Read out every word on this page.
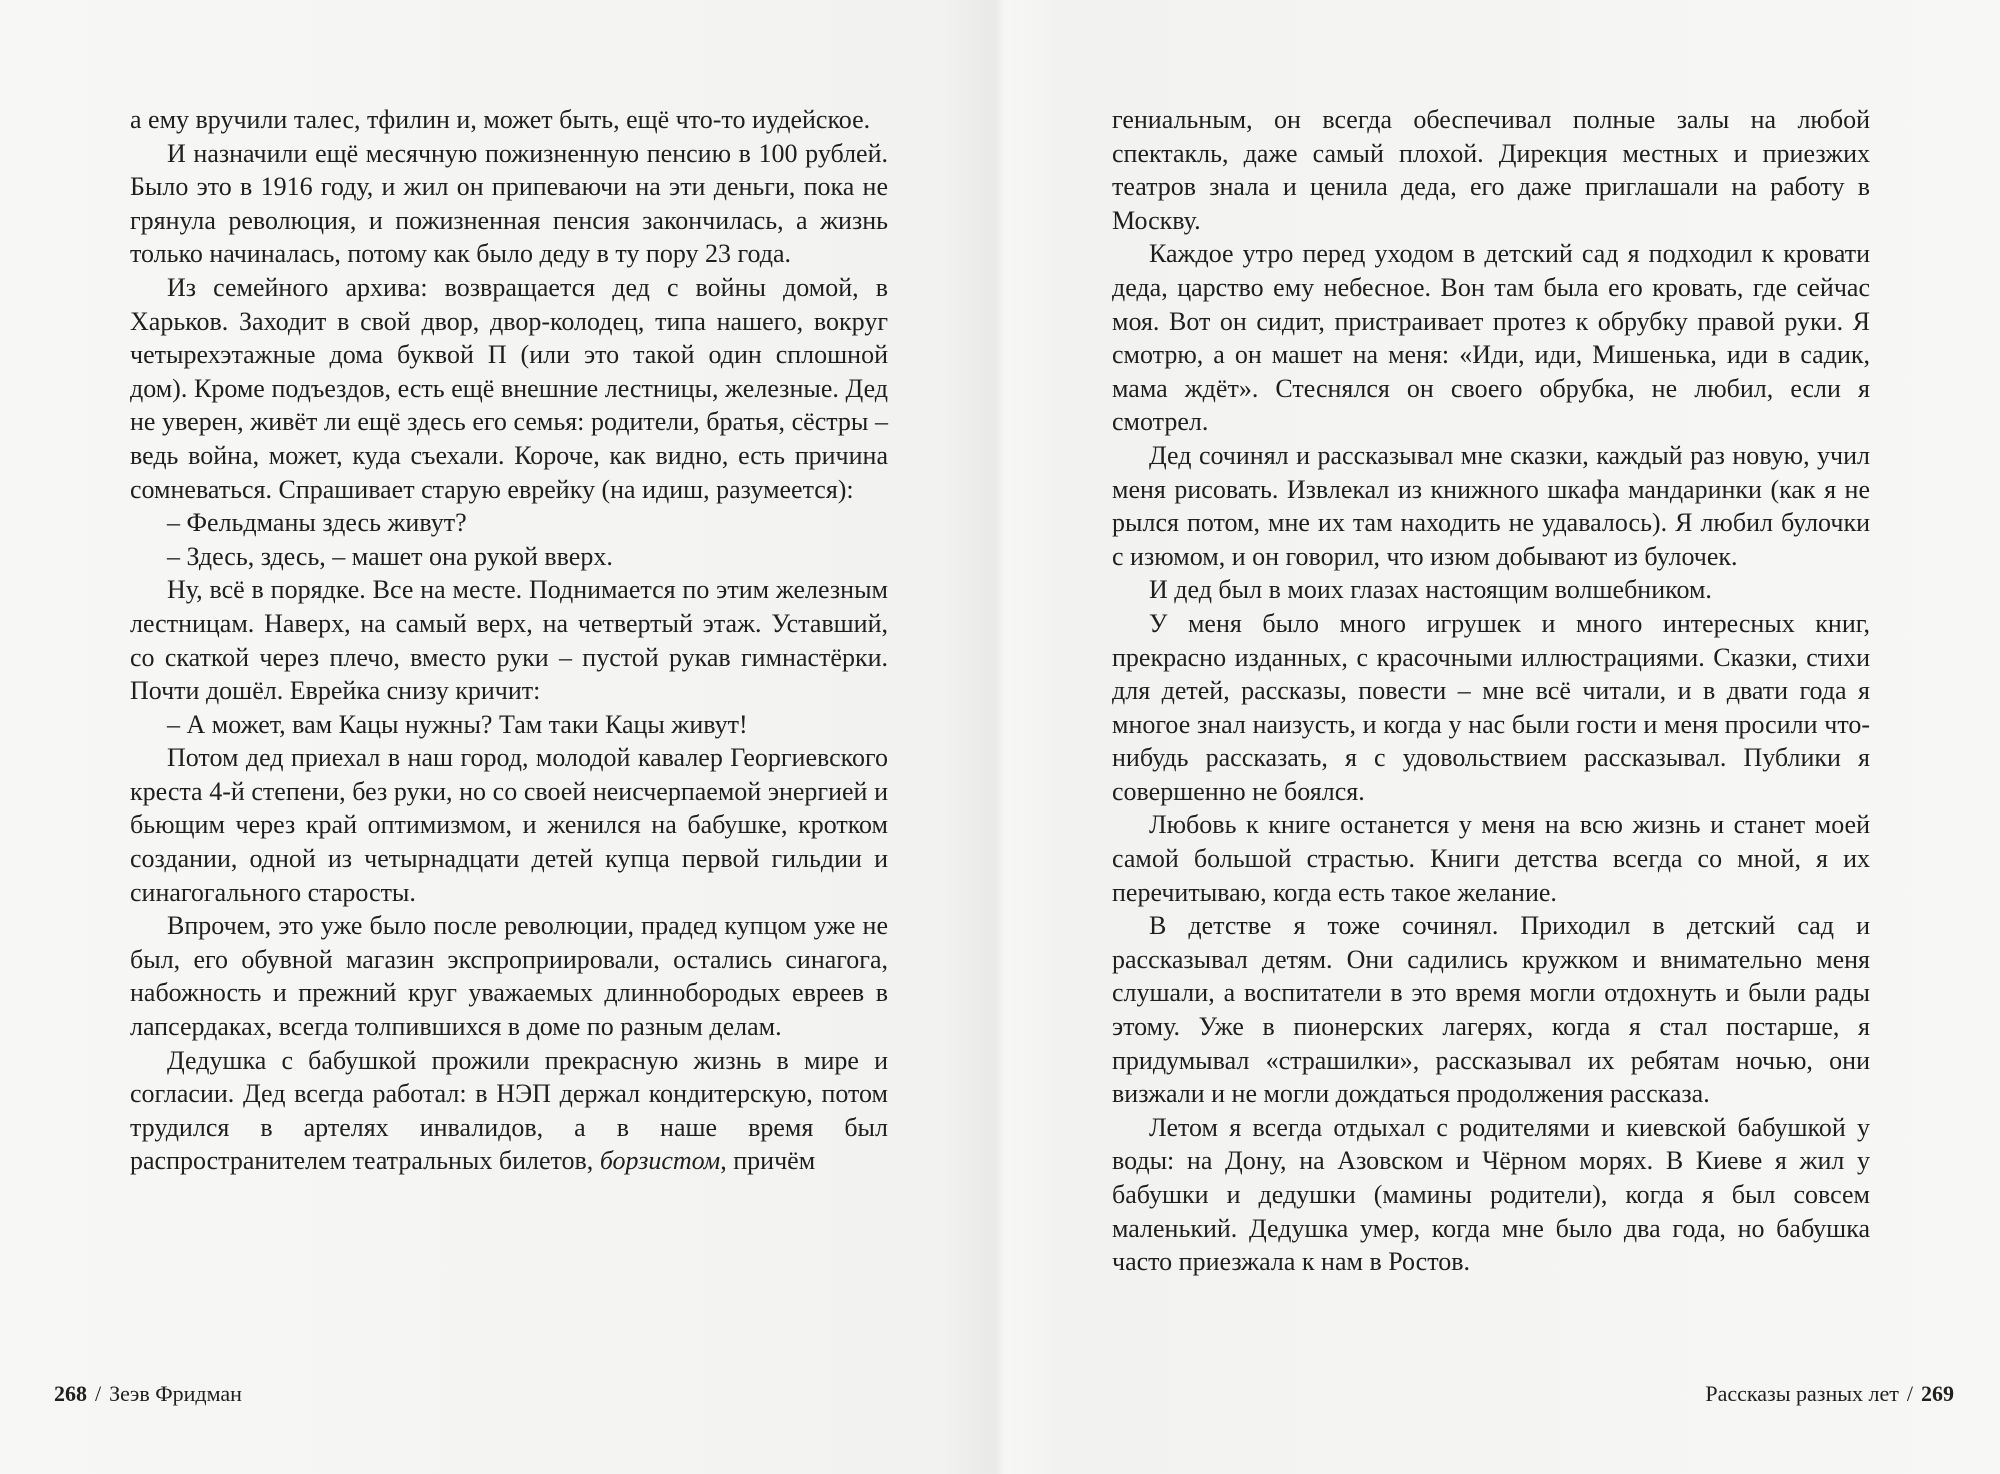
а ему вручили талес, тфилин и, может быть, ещё что-то иудейское.

И назначили ещё месячную пожизненную пенсию в 100 рублей. Было это в 1916 году, и жил он припеваючи на эти деньги, пока не грянула революция, и пожизненная пенсия закончилась, а жизнь только начиналась, потому как было деду в ту пору 23 года.

Из семейного архива: возвращается дед с войны домой, в Харьков. Заходит в свой двор, двор-колодец, типа нашего, вокруг четырехэтажные дома буквой П (или это такой один сплошной дом). Кроме подъездов, есть ещё внешние лестницы, железные. Дед не уверен, живёт ли ещё здесь его семья: родители, братья, сёстры – ведь война, может, куда съехали. Короче, как видно, есть причина сомневаться. Спрашивает старую еврейку (на идиш, разумеется):

– Фельдманы здесь живут?

– Здесь, здесь, – машет она рукой вверх.

Ну, всё в порядке. Все на месте. Поднимается по этим железным лестницам. Наверх, на самый верх, на четвертый этаж. Уставший, со скаткой через плечо, вместо руки – пустой рукав гимнастёрки. Почти дошёл. Еврейка снизу кричит:

– А может, вам Кацы нужны? Там таки Кацы живут!

Потом дед приехал в наш город, молодой кавалер Георгиевского креста 4-й степени, без руки, но со своей неисчерпаемой энергией и бьющим через край оптимизмом, и женился на бабушке, кротком создании, одной из четырнадцати детей купца первой гильдии и синагогального старосты.

Впрочем, это уже было после революции, прадед купцом уже не был, его обувной магазин экспроприировали, остались синагога, набожность и прежний круг уважаемых длиннобородых евреев в лапсердаках, всегда толпившихся в доме по разным делам.

Дедушка с бабушкой прожили прекрасную жизнь в мире и согласии. Дед всегда работал: в НЭП держал кондитерскую, потом трудился в артелях инвалидов, а в наше время был распространителем театральных билетов, борзистом, причём

268 / Зеэв Фридман

гениальным, он всегда обеспечивал полные залы на любой спектакль, даже самый плохой. Дирекция местных и приезжих театров знала и ценила деда, его даже приглашали на работу в Москву.

Каждое утро перед уходом в детский сад я подходил к кровати деда, царство ему небесное. Вон там была его кровать, где сейчас моя. Вот он сидит, пристраивает протез к обрубку правой руки. Я смотрю, а он машет на меня: «Иди, иди, Мишенька, иди в садик, мама ждёт». Стеснялся он своего обрубка, не любил, если я смотрел.

Дед сочинял и рассказывал мне сказки, каждый раз новую, учил меня рисовать. Извлекал из книжного шкафа мандаринки (как я не рылся потом, мне их там находить не удавалось). Я любил булочки с изюмом, и он говорил, что изюм добывают из булочек.

И дед был в моих глазах настоящим волшебником.

У меня было много игрушек и много интересных книг, прекрасно изданных, с красочными иллюстрациями. Сказки, стихи для детей, рассказы, повести – мне всё читали, и в двати года я многое знал наизусть, и когда у нас были гости и меня просили что-нибудь рассказать, я с удовольствием рассказывал. Публики я совершенно не боялся.

Любовь к книге останется у меня на всю жизнь и станет моей самой большой страстью. Книги детства всегда со мной, я их перечитываю, когда есть такое желание.

В детстве я тоже сочинял. Приходил в детский сад и рассказывал детям. Они садились кружком и внимательно меня слушали, а воспитатели в это время могли отдохнуть и были рады этому. Уже в пионерских лагерях, когда я стал постарше, я придумывал «страшилки», рассказывал их ребятам ночью, они визжали и не могли дождаться продолжения рассказа.

Летом я всегда отдыхал с родителями и киевской бабушкой у воды: на Дону, на Азовском и Чёрном морях. В Киеве я жил у бабушки и дедушки (мамины родители), когда я был совсем маленький. Дедушка умер, когда мне было два года, но бабушка часто приезжала к нам в Ростов.

Рассказы разных лет / 269
